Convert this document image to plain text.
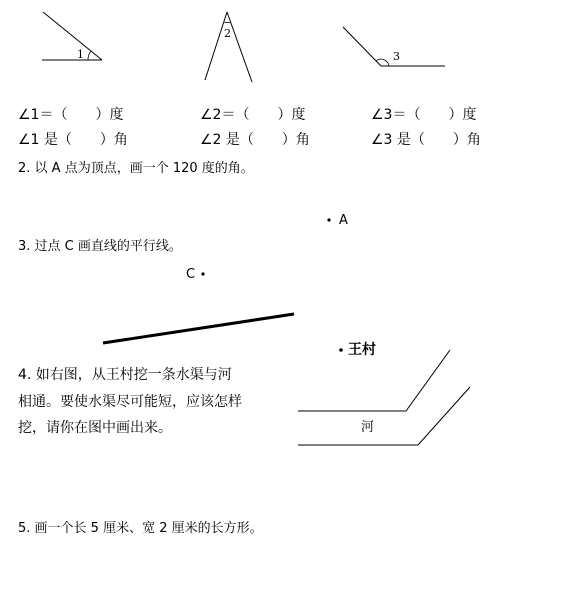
1
2
3
∠1＝（　　）度	∠2＝（　　）度	∠3＝（　　）度
∠1 是（　　）角	∠2 是（　　）角	∠3 是（　　）角
2. 以 A 点为顶点，画一个 120 度的角。
A
3. 过点 C 画直线的平行线。
C
4. 如右图，从王村挖一条水渠与河
相通。要使水渠尽可能短，应该怎样
挖，请你在图中画出来。
王村
河
5. 画一个长 5 厘米、宽 2 厘米的长方形。
